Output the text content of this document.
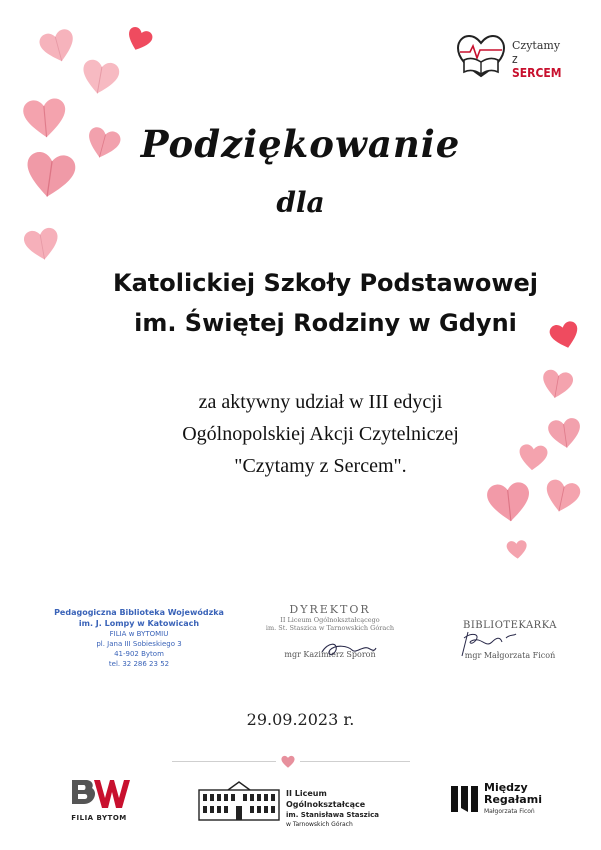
Czytamy
z SERCEM
Podziękowanie
dla
Katolickiej Szkoły Podstawowej
im. Świętej Rodziny w Gdyni
za aktywny udział w III edycji
Ogólnopolskiej Akcji Czytelniczej
"Czytamy z Sercem".
Pedagogiczna Biblioteka Wojewódzka
im. J. Lompy w Katowicach
FILIA w BYTOMIU
pl. Jana III Sobieskiego 3
41-902 Bytom
tel. 32 286 23 52
DYREKTOR
II Liceum Ogólnokształcącego
im. St. Staszica w Tarnowskich Górach
mgr Kazimierz Sporoń
BIBLIOTEKARKA
mgr Małgorzata Ficoń
29.09.2023 r.
FILIA BYTOM
II Liceum Ogólnokształcące
im. Stanisława Staszica
w Tarnowskich Górach
Między
Regałami
Małgorzata Ficoń
